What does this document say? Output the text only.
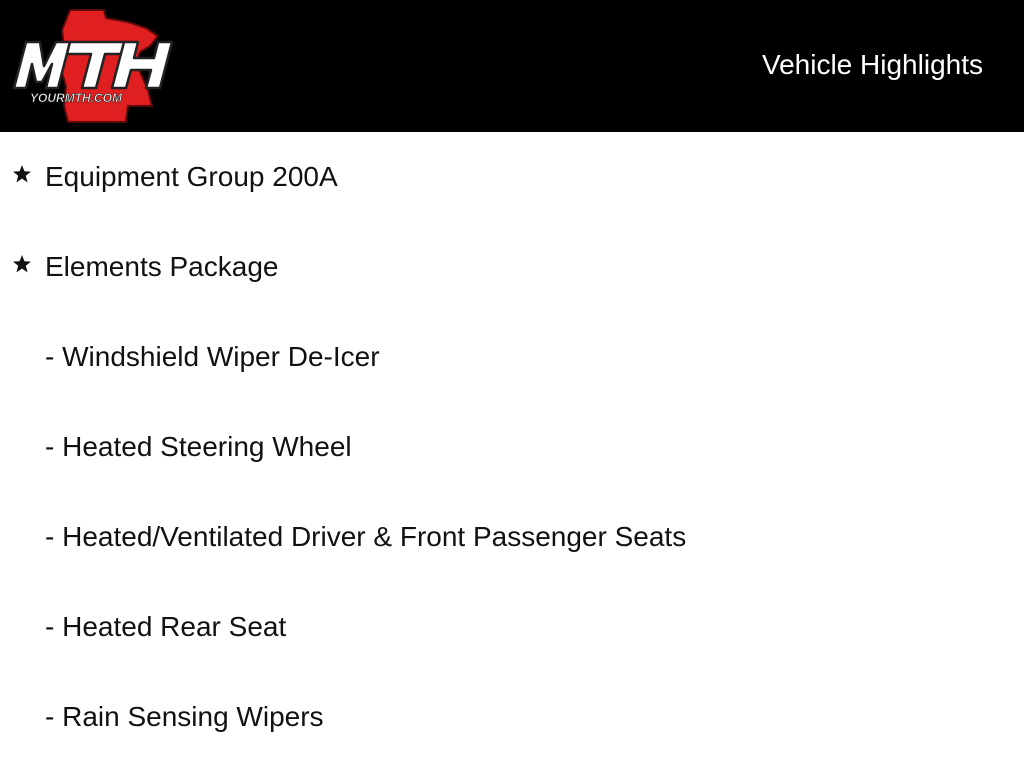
YOURMTH.COM
Vehicle Highlights
Equipment Group 200A
Elements Package
- Windshield Wiper De-Icer
- Heated Steering Wheel
- Heated/Ventilated Driver & Front Passenger Seats
- Heated Rear Seat
- Rain Sensing Wipers
